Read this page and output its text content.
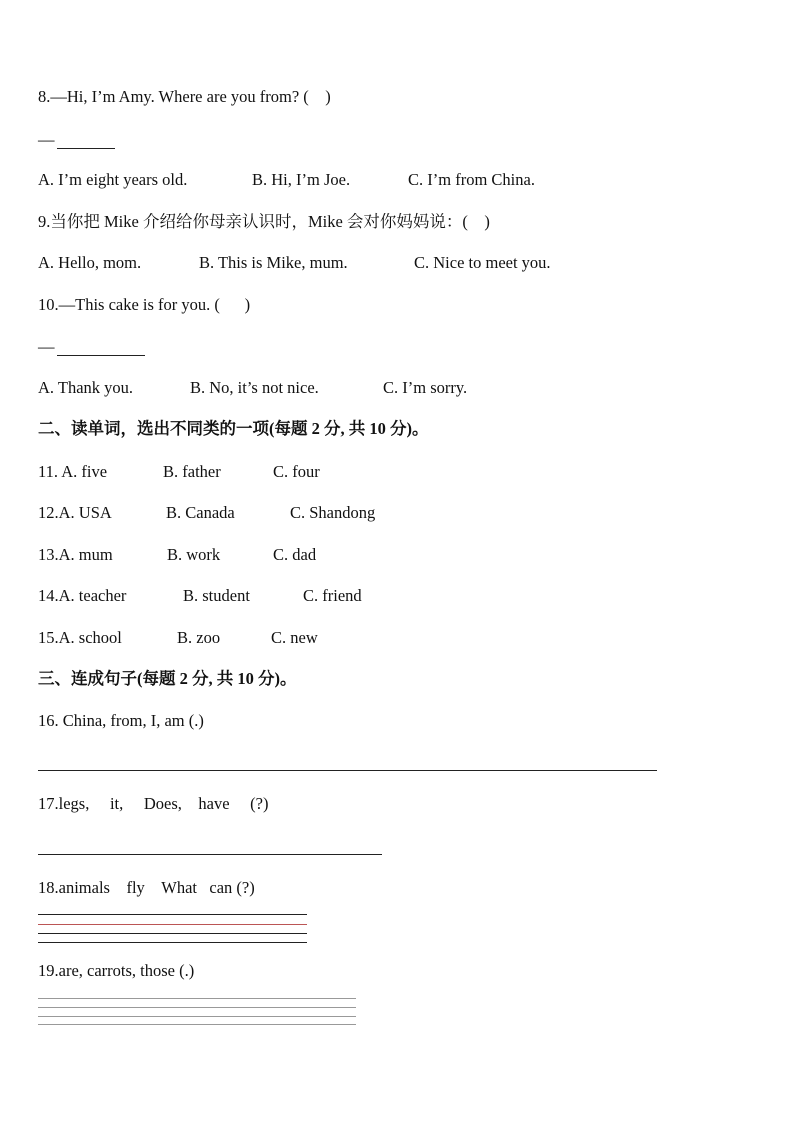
8.—Hi, I’m Amy. Where are you from? (    )
—
A. I’m eight years old.	B. Hi, I’m Joe.	C. I’m from China.
9.当你把 Mike 介绍给你母亲认识时，Mike 会对你妈妈说：(    )
A. Hello, mom.	B. This is Mike, mum.	C. Nice to meet you.
10.—This cake is for you. (      )
—
A. Thank you.	B. No, it’s not nice.	C. I’m sorry.
二、读单词，选出不同类的一项(每题 2 分, 共 10 分)。
11. A. five	B. father	C. four
12.A. USA	B. Canada	C. Shandong
13.A. mum	B. work	C. dad
14.A. teacher	B. student	C. friend
15.A. school	B. zoo	C. new
三、连成句子(每题 2 分, 共 10 分)。
16. China, from, I, am (.)
17.legs,     it,     Does,    have     (?)
18.animals    fly    What   can (?)
19.are, carrots, those (.)
